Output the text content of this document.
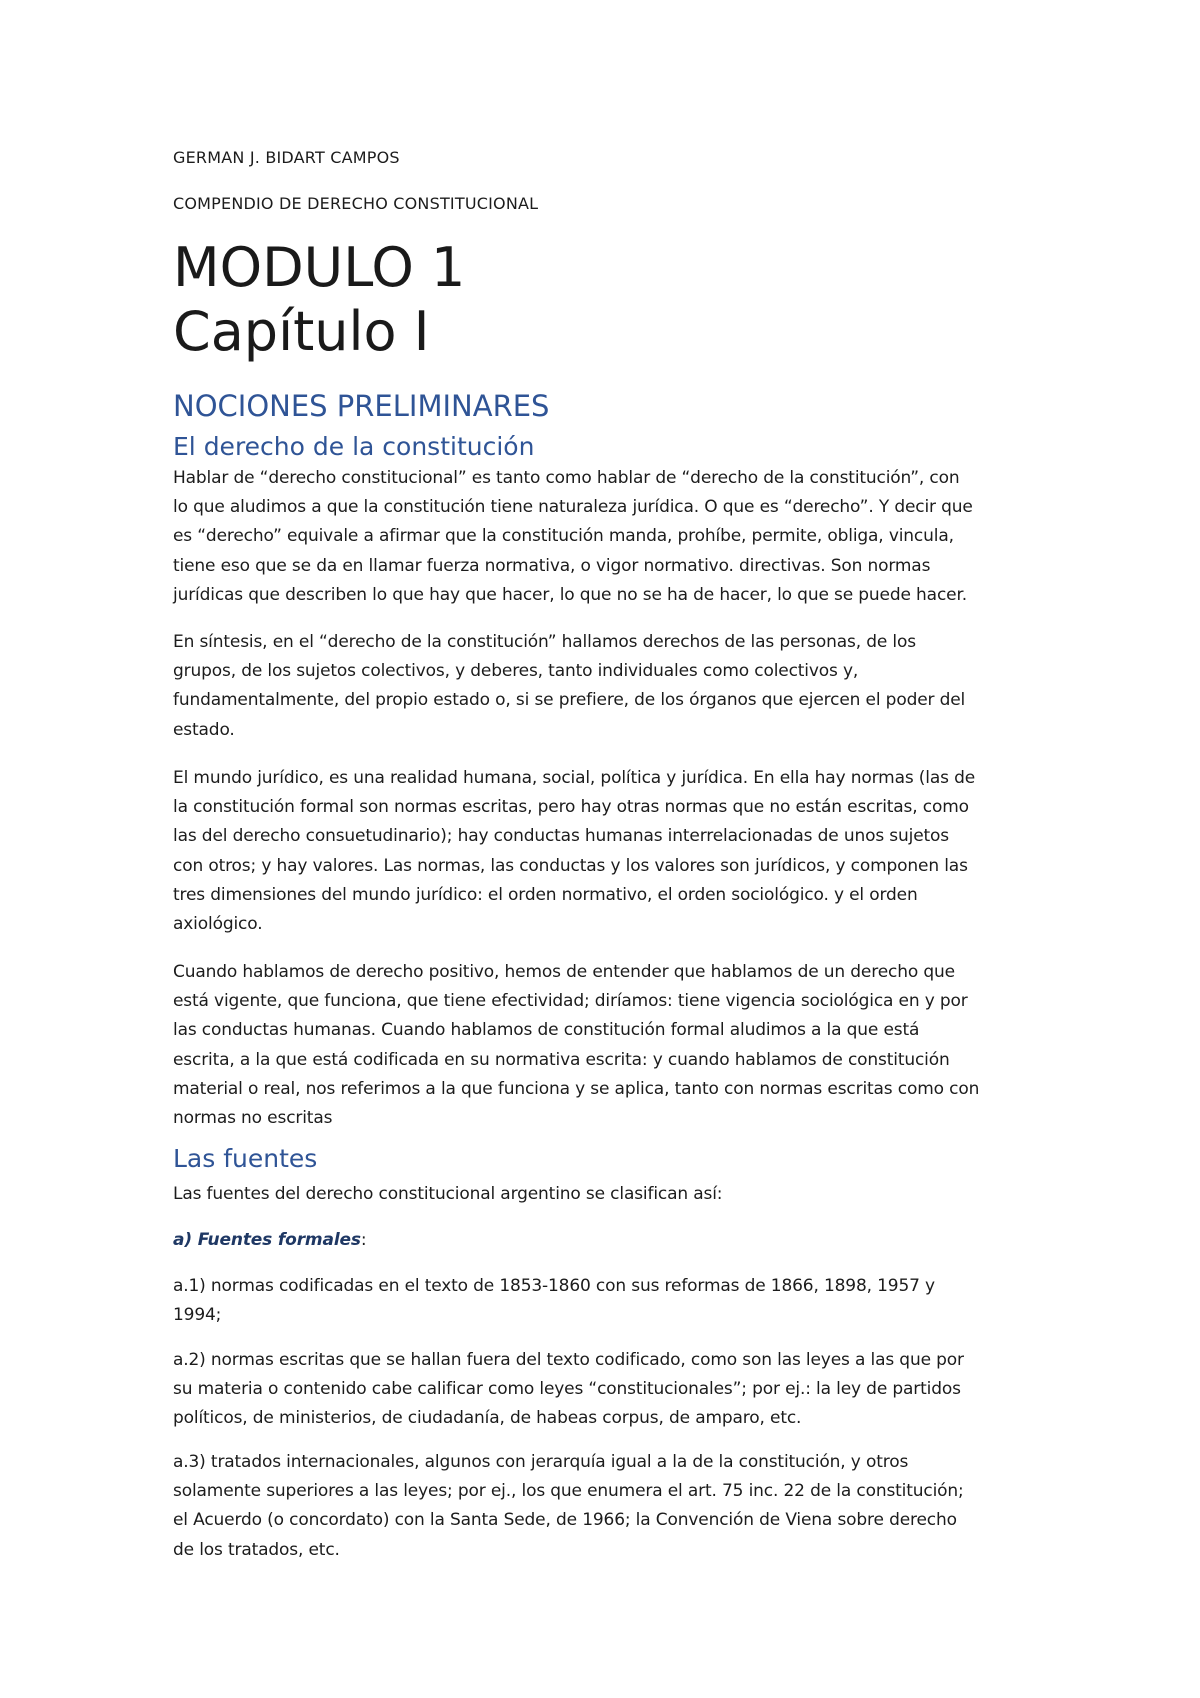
GERMAN J. BIDART CAMPOS
COMPENDIO DE DERECHO CONSTITUCIONAL
MODULO 1
Capítulo I
NOCIONES PRELIMINARES
El derecho de la constitución
Hablar de “derecho constitucional” es tanto como hablar de “derecho de la constitución”, con
lo que aludimos a que la constitución tiene naturaleza jurídica. O que es “derecho”. Y decir que
es “derecho” equivale a afirmar que la constitución manda, prohíbe, permite, obliga, vincula,
tiene eso que se da en llamar fuerza normativa, o vigor normativo. directivas. Son normas
jurídicas que describen lo que hay que hacer, lo que no se ha de hacer, lo que se puede hacer.
En síntesis, en el “derecho de la constitución” hallamos derechos de las personas, de los
grupos, de los sujetos colectivos, y deberes, tanto individuales como colectivos y,
fundamentalmente, del propio estado o, si se prefiere, de los órganos que ejercen el poder del
estado.
El mundo jurídico, es una realidad humana, social, política y jurídica. En ella hay normas (las de
la constitución formal son normas escritas, pero hay otras normas que no están escritas, como
las del derecho consuetudinario); hay conductas humanas interrelacionadas de unos sujetos
con otros; y hay valores. Las normas, las conductas y los valores son jurídicos, y componen las
tres dimensiones del mundo jurídico: el orden normativo, el orden sociológico. y el orden
axiológico.
Cuando hablamos de derecho positivo, hemos de entender que hablamos de un derecho que
está vigente, que funciona, que tiene efectividad; diríamos: tiene vigencia sociológica en y por
las conductas humanas. Cuando hablamos de constitución formal aludimos a la que está
escrita, a la que está codificada en su normativa escrita: y cuando hablamos de constitución
material o real, nos referimos a la que funciona y se aplica, tanto con normas escritas como con
normas no escritas
Las fuentes
Las fuentes del derecho constitucional argentino se clasifican así:
a) Fuentes formales:
a.1) normas codificadas en el texto de 1853-1860 con sus reformas de 1866, 1898, 1957 y
1994;
a.2) normas escritas que se hallan fuera del texto codificado, como son las leyes a las que por
su materia o contenido cabe calificar como leyes “constitucionales”; por ej.: la ley de partidos
políticos, de ministerios, de ciudadanía, de habeas corpus, de amparo, etc.
a.3) tratados internacionales, algunos con jerarquía igual a la de la constitución, y otros
solamente superiores a las leyes; por ej., los que enumera el art. 75 inc. 22 de la constitución;
el Acuerdo (o concordato) con la Santa Sede, de 1966; la Convención de Viena sobre derecho
de los tratados, etc.
